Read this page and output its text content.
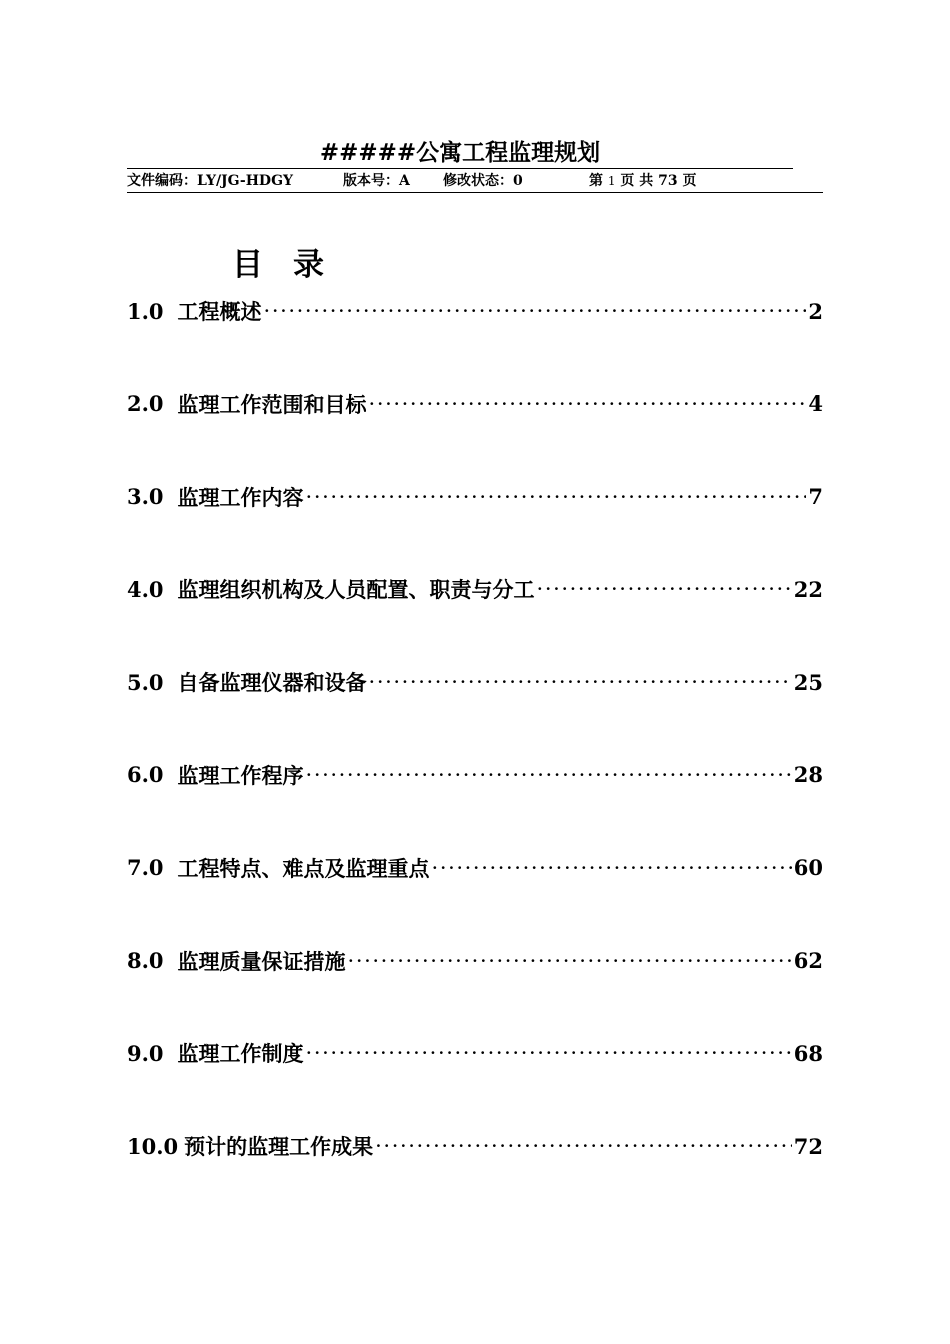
#####公寓工程监理规划
文件编码：LY/JG-HDGY	版本号：A	修改状态：0	第 1 页 共 73 页
目录
1.0 工程概述 ·····	2
2.0 监理工作范围和目标 ·····	4
3.0 监理工作内容 ·····	7
4.0 监理组织机构及人员配置、职责与分工 ·····	22
5.0 自备监理仪器和设备 ·····	25
6.0 监理工作程序 ·····	28
7.0 工程特点、难点及监理重点 ·····	60
8.0 监理质量保证措施 ·····	62
9.0 监理工作制度 ·····	68
10.0 预计的监理工作成果 ·····	72
